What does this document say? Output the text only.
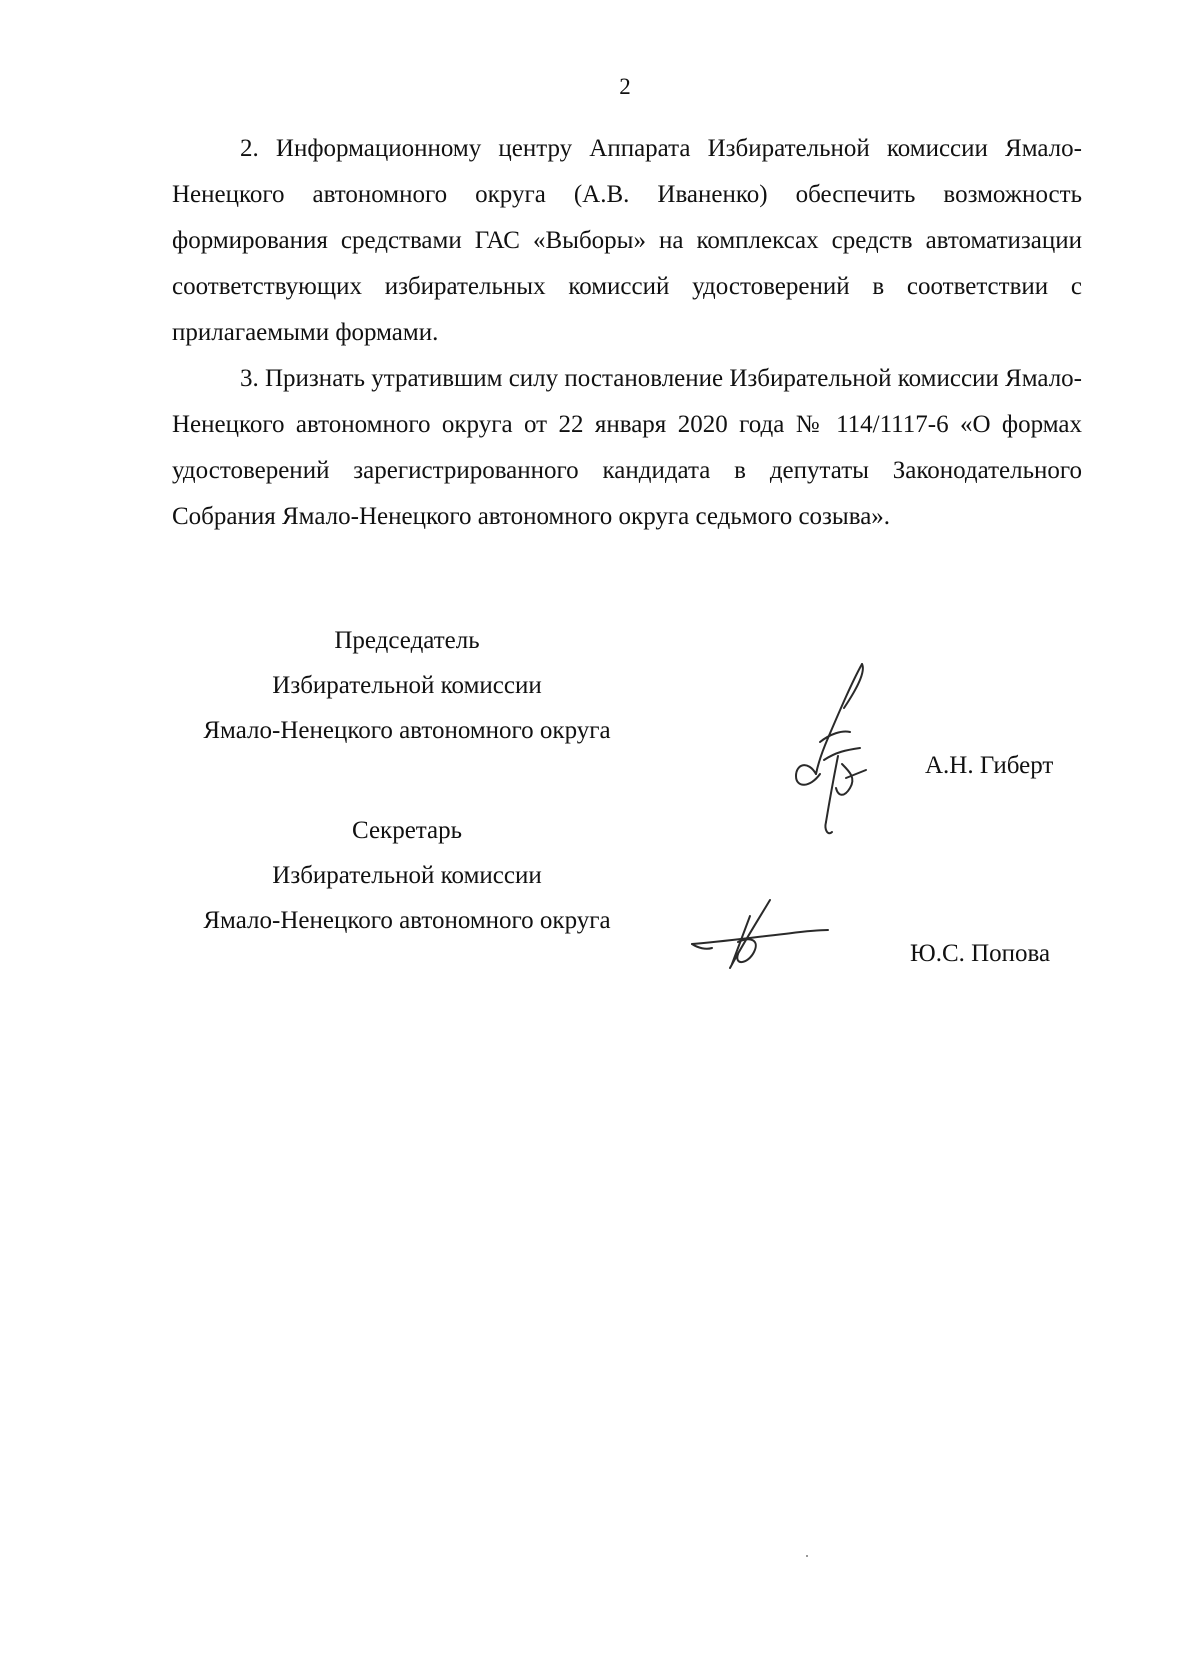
2

2. Информационному центру Аппарата Избирательной комиссии Ямало-Ненецкого автономного округа (А.В. Иваненко) обеспечить возможность формирования средствами ГАС «Выборы» на комплексах средств автоматизации соответствующих избирательных комиссий удостоверений в соответствии с прилагаемыми формами.

3. Признать утратившим силу постановление Избирательной комиссии Ямало-Ненецкого автономного округа от 22 января 2020 года № 114/1117-6 «О формах удостоверений зарегистрированного кандидата в депутаты Законодательного Собрания Ямало-Ненецкого автономного округа седьмого созыва».

Председатель
Избирательной комиссии
Ямало-Ненецкого автономного округа
А.Н. Гиберт
Секретарь
Избирательной комиссии
Ямало-Ненецкого автономного округа
Ю.С. Попова
